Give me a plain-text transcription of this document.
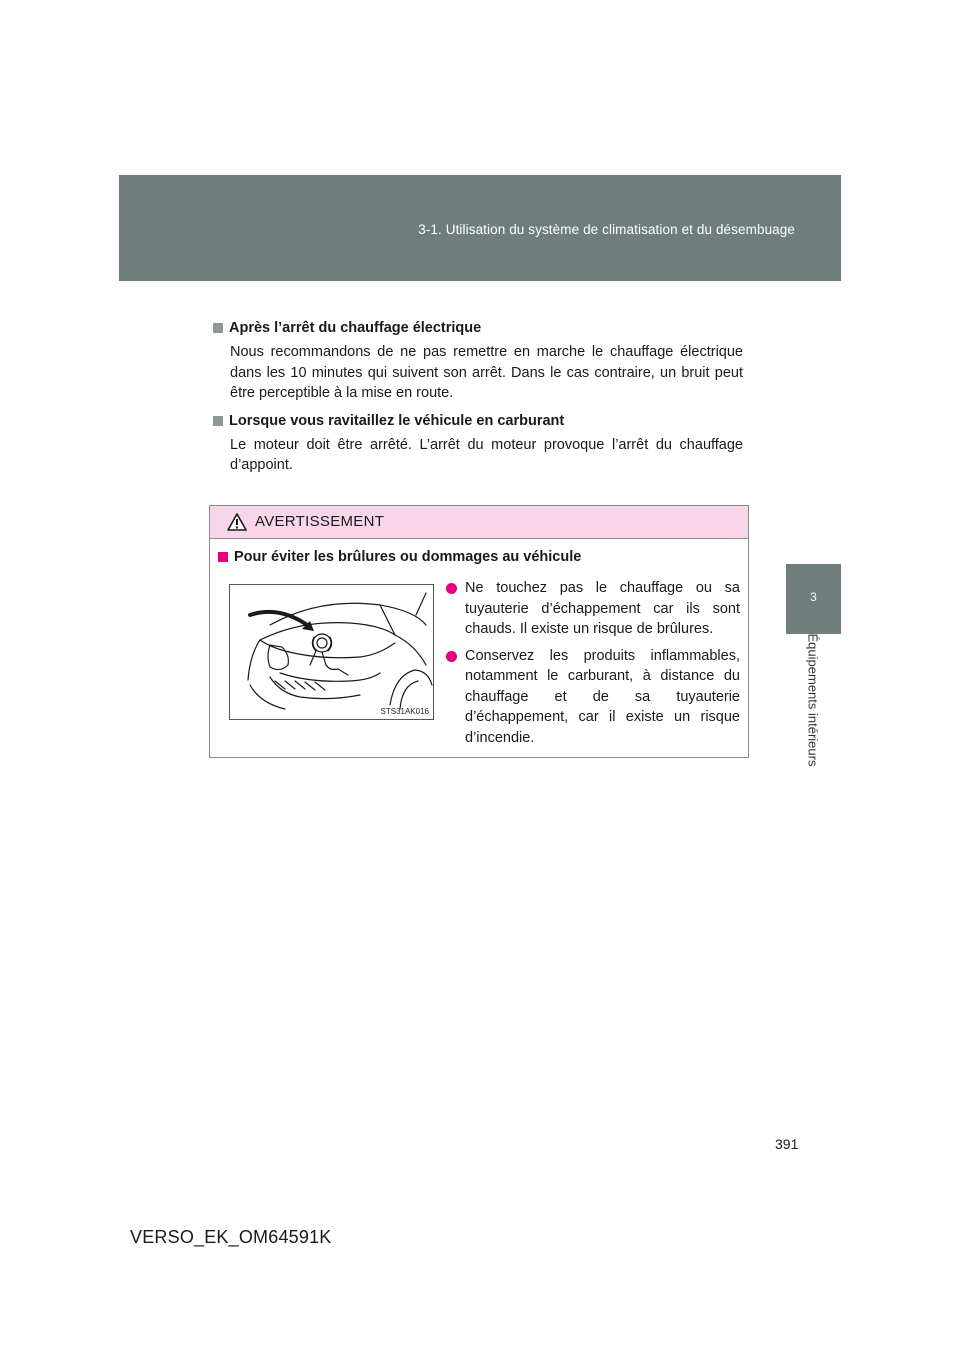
3-1. Utilisation du système de climatisation et du désembuage
3
Équipements intérieurs
Après l’arrêt du chauffage électrique

Nous recommandons de ne pas remettre en marche le chauffage électrique dans les 10 minutes qui suivent son arrêt. Dans le cas contraire, un bruit peut être perceptible à la mise en route.

Lorsque vous ravitaillez le véhicule en carburant

Le moteur doit être arrêté. L’arrêt du moteur provoque l’arrêt du chauffage d’appoint.

AVERTISSEMENT
Pour éviter les brûlures ou dommages au véhicule
STS31AK016
Ne touchez pas le chauffage ou sa tuyauterie d’échappement car ils sont chauds. Il existe un risque de brûlures.
Conservez les produits inflammables, notamment le carburant, à distance du chauffage et de sa tuyauterie d’échappement, car il existe un risque d’incendie.
391
VERSO_EK_OM64591K
